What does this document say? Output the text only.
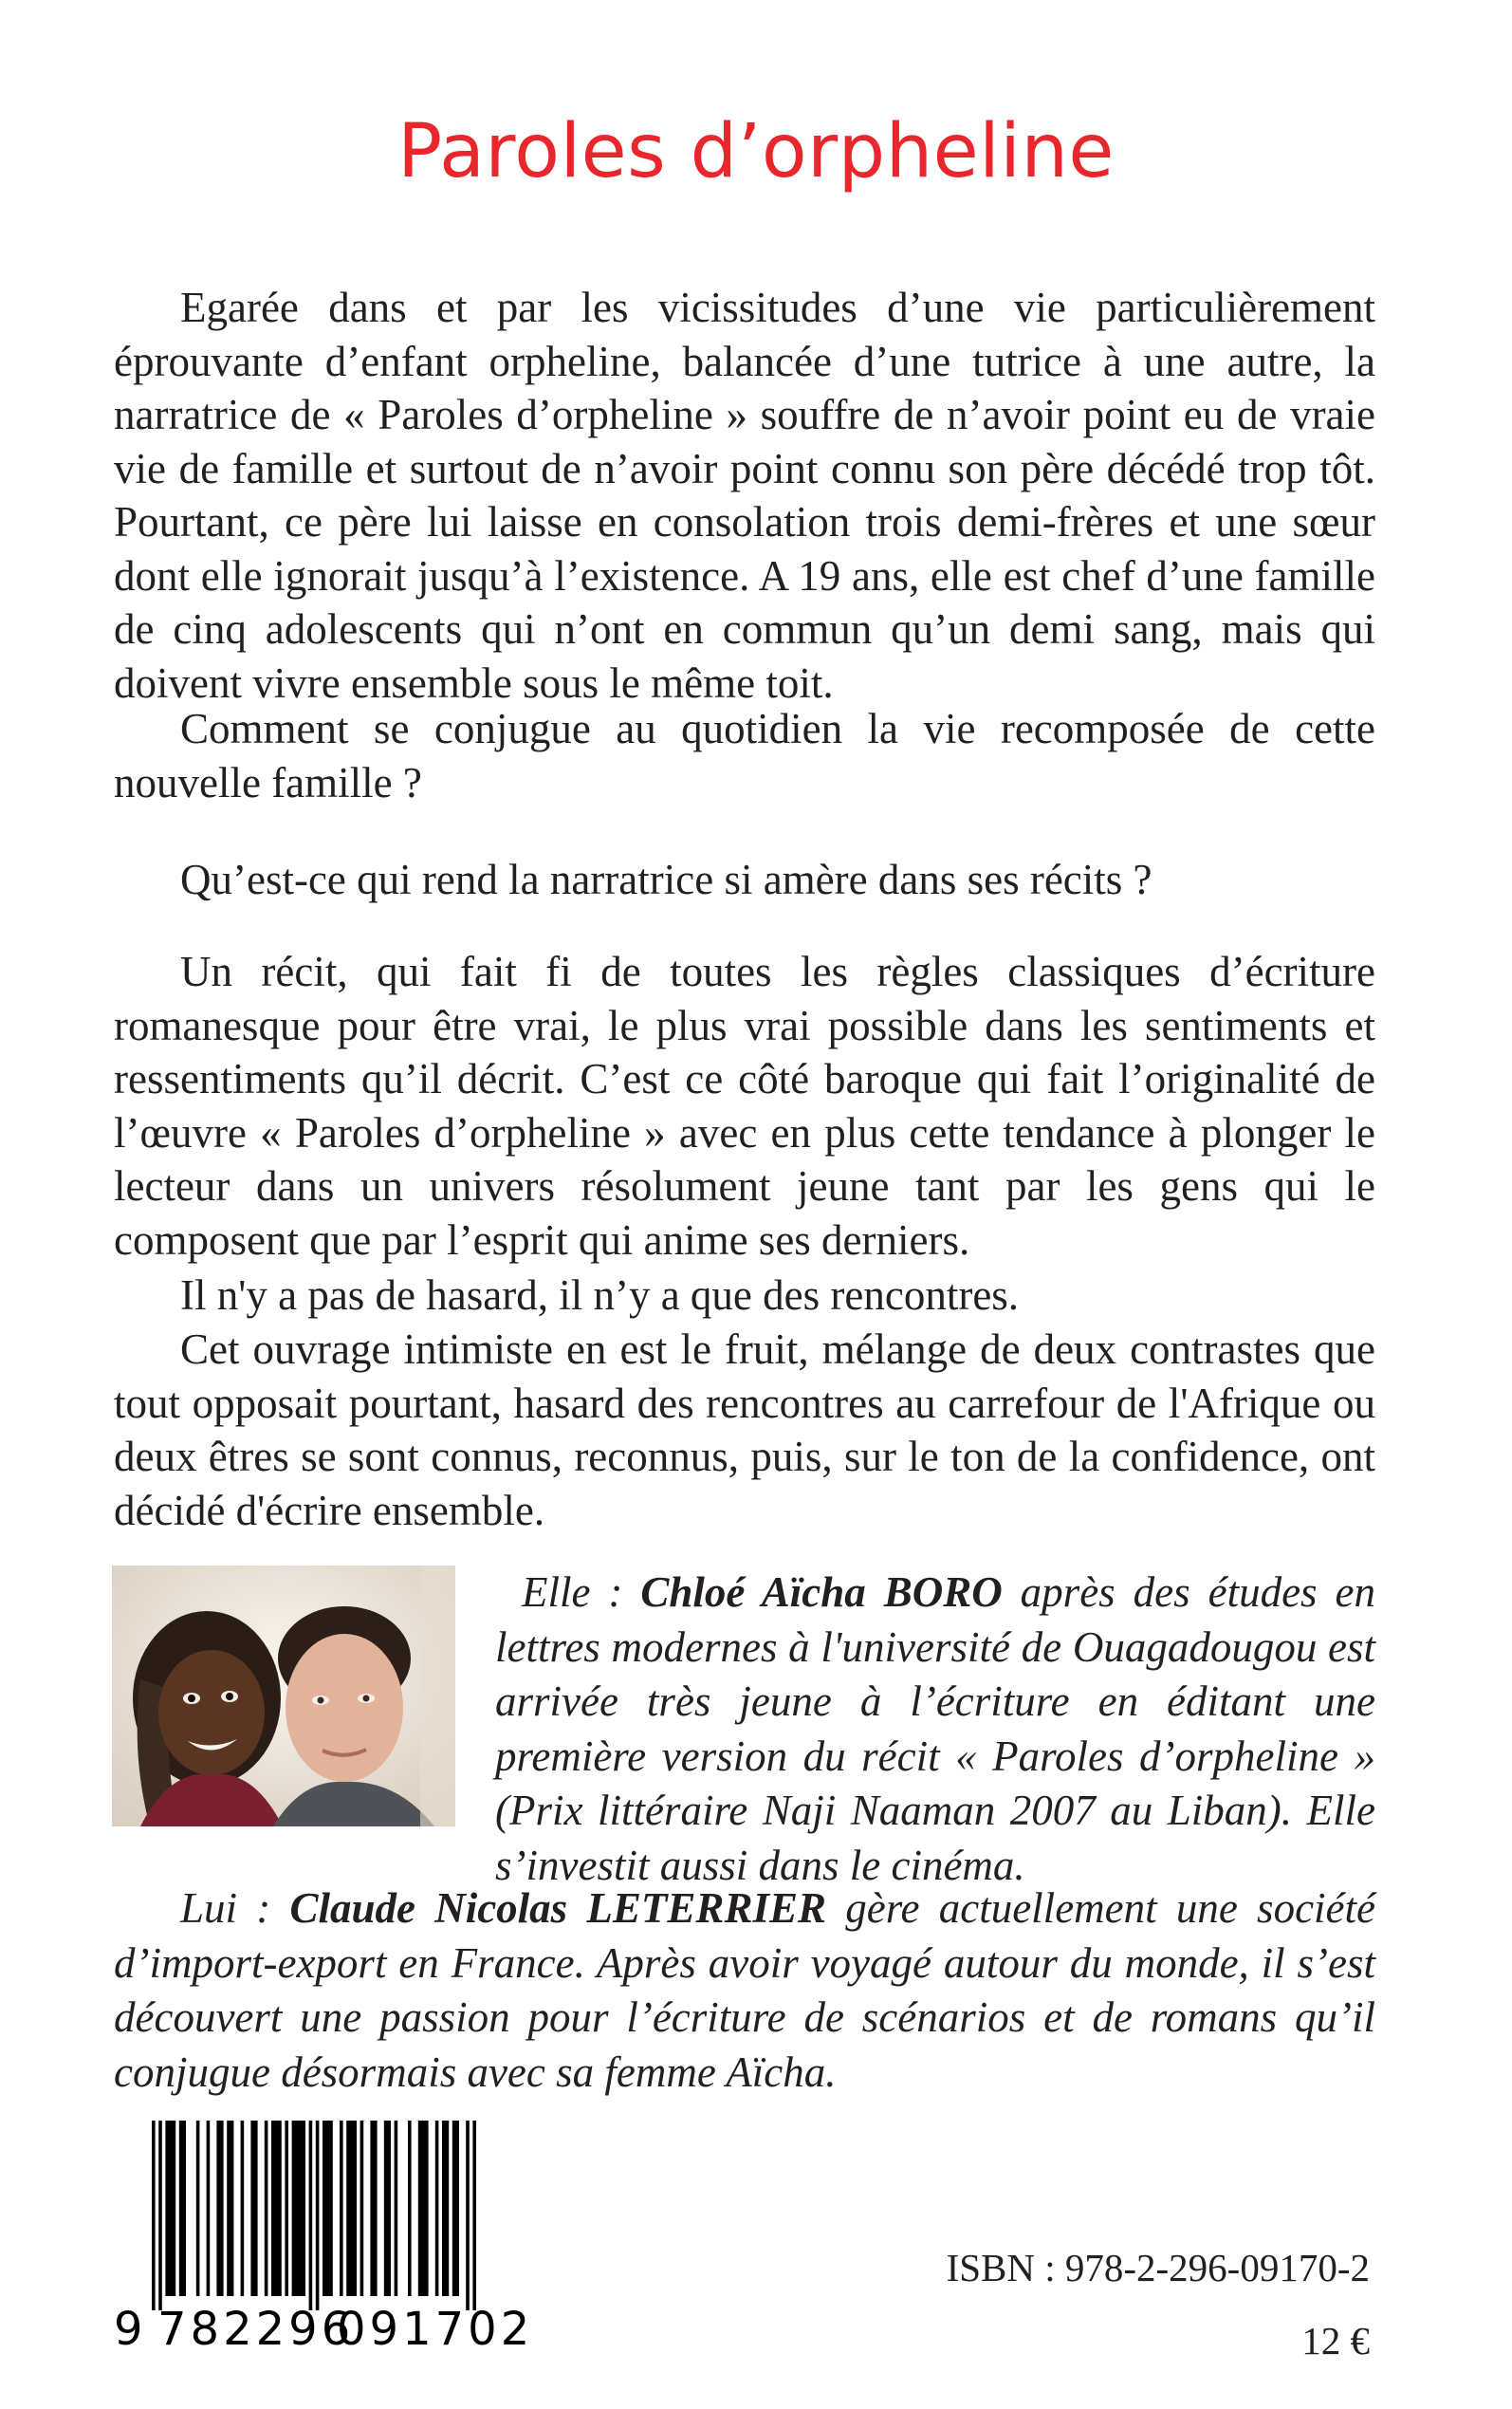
Paroles d’orpheline

Egarée dans et par les vicissitudes d’une vie particulièrement éprouvante d’enfant orpheline, balancée d’une tutrice à une autre, la narratrice de « Paroles d’orpheline » souffre de n’avoir point eu de vraie vie de famille et surtout de n’avoir point connu son père décédé trop tôt. Pourtant, ce père lui laisse en consolation trois demi-frères et une sœur dont elle ignorait jusqu’à l’existence. A 19 ans, elle est chef d’une famille de cinq adolescents qui n’ont en commun qu’un demi sang, mais qui doivent vivre ensemble sous le même toit.

Comment se conjugue au quotidien la vie recomposée de cette nouvelle famille ?

Qu’est-ce qui rend la narratrice si amère dans ses récits ?

Un récit, qui fait fi de toutes les règles classiques d’écriture romanesque pour être vrai, le plus vrai possible dans les sentiments et ressentiments qu’il décrit. C’est ce côté baroque qui fait l’originalité de l’œuvre « Paroles d’orpheline » avec en plus cette tendance à plonger le lecteur dans un univers résolument jeune tant par les gens qui le composent que par l’esprit qui anime ses derniers.

Il n'y a pas de hasard, il n’y a que des rencontres.

Cet ouvrage intimiste en est le fruit, mélange de deux contrastes que tout opposait pourtant, hasard des rencontres au carrefour de l'Afrique ou deux êtres se sont connus, reconnus, puis, sur le ton de la confidence, ont décidé d'écrire ensemble.

Elle : Chloé Aïcha BORO après des études en lettres modernes à l'université de Ouagadougou est arrivée très jeune à l’écriture en éditant une première version du récit « Paroles d’orpheline » (Prix littéraire Naji Naaman 2007 au Liban). Elle s’investit aussi dans le cinéma.

Lui : Claude Nicolas LETERRIER gère actuellement une société d’import-export en France. Après avoir voyagé autour du monde, il s’est découvert une passion pour l’écriture de scénarios et de romans qu’il conjugue désormais avec sa femme Aïcha.

9 782296
091702
ISBN : 978-2-296-09170-2
12 €
